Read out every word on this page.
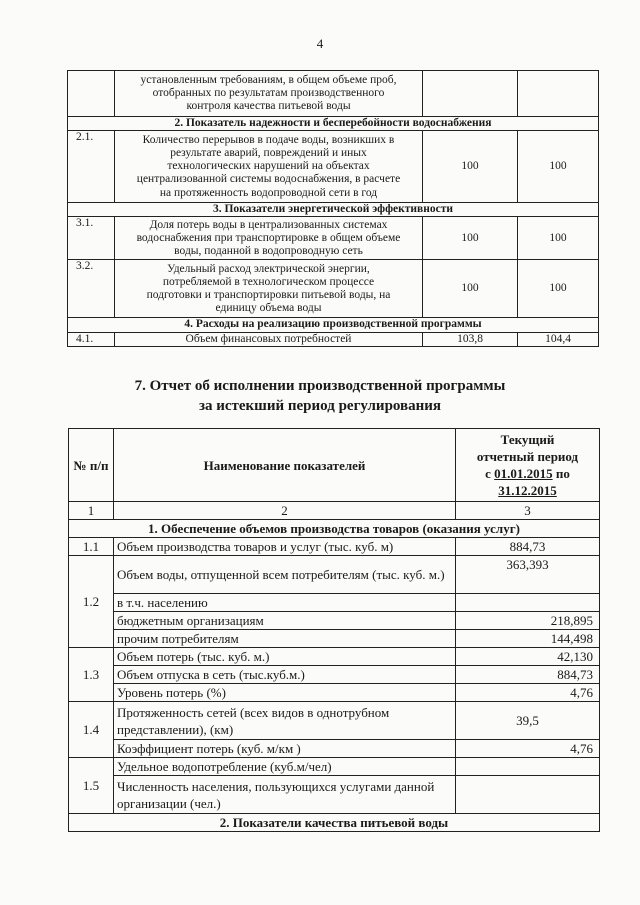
4

	установленным требованиям, в общем объеме проб,
отобранных по результатам производственного
контроля качества питьевой воды		

2. Показатель надежности и бесперебойности водоснабжения			
2.1.	Количество перерывов в подаче воды, возникших в
результате аварий, повреждений и иных
технологических нарушений на объектах
централизованной системы водоснабжения, в расчете
на протяженность водопроводной сети в год	100	100
3. Показатели энергетической эффективности			
3.1.	Доля потерь воды в централизованных системах
водоснабжения при транспортировке в общем объеме
воды, поданной в водопроводную сеть	100	100
3.2.	Удельный расход электрической энергии,
потребляемой в технологическом процессе
подготовки и транспортировки питьевой воды, на
единицу объема воды	100	100
4. Расходы на реализацию производственной программы			
4.1.	Объем финансовых потребностей	103,8	104,4
7. Отчет об исполнении производственной программы
за истекший период регулирования
№ п/п	Наименование показателей	Текущий
отчетный период
с 01.01.2015 по
31.12.2015

1	2	3
1. Обеспечение объемов производства товаров (оказания услуг)		
1.1	Объем производства товаров и услуг (тыс. куб. м)	884,73
1.2	Объем воды, отпущенной всем потребителям (тыс. куб. м.)	363,393
	в т.ч. населению	
	бюджетным организациям	218,895
	прочим потребителям	144,498
1.3	Объем потерь (тыс. куб. м.)	42,130
	Объем отпуска в сеть (тыс.куб.м.)	884,73
	Уровень потерь (%)	4,76
1.4	Протяженность сетей (всех видов в однотрубном представлении), (км)	39,5
	Коэффициент потерь (куб. м/км )	4,76
1.5	Удельное водопотребление (куб.м/чел)	
	Численность населения, пользующихся услугами данной организации (чел.)	
2. Показатели качества питьевой воды		
